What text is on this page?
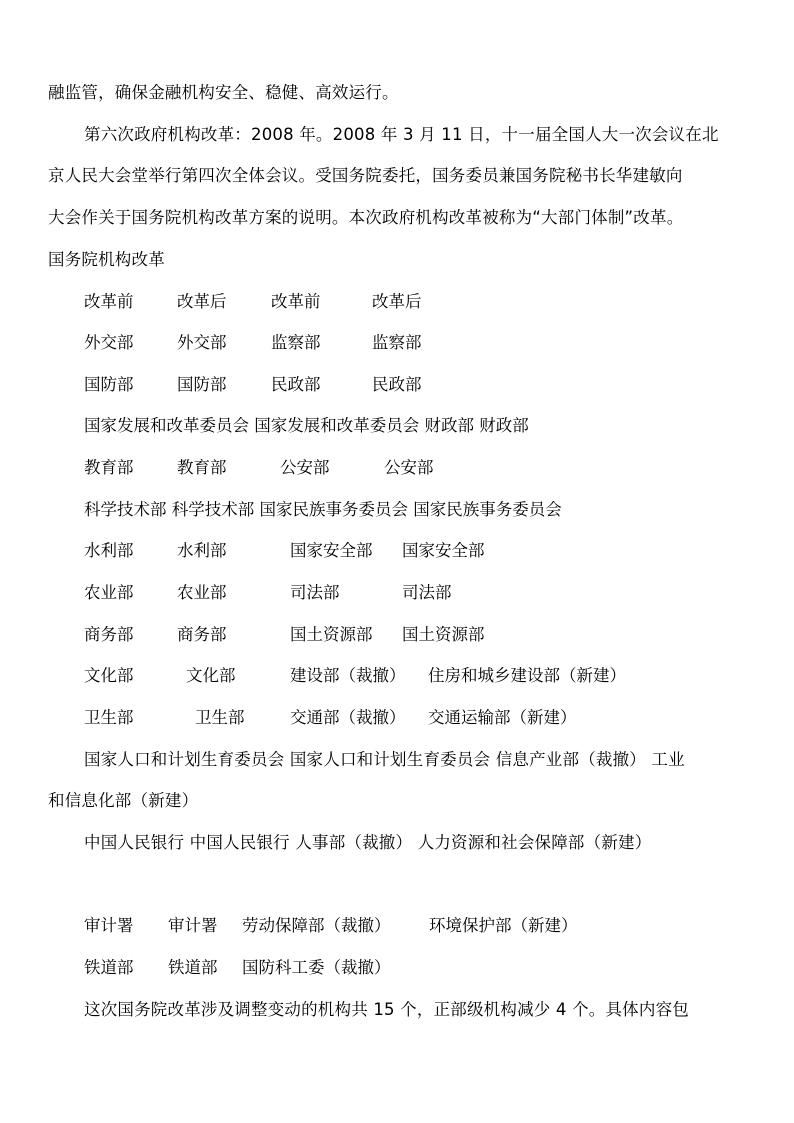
融监管，确保金融机构安全、稳健、高效运行。
第六次政府机构改革：2008 年。2008 年 3 月 11 日，十一届全国人大一次会议在北
京人民大会堂举行第四次全体会议。受国务院委托，国务委员兼国务院秘书长华建敏向
大会作关于国务院机构改革方案的说明。本次政府机构改革被称为“大部门体制”改革。
国务院机构改革
改革前	改革后	改革前	改革后
外交部	外交部	监察部	监察部
国防部	国防部	民政部	民政部
国家发展和改革委员会 国家发展和改革委员会 财政部 财政部
教育部	教育部	公安部	公安部
科学技术部 科学技术部 国家民族事务委员会 国家民族事务委员会
水利部	水利部	国家安全部 国家安全部
农业部	农业部	司法部	司法部
商务部	商务部	国土资源部 国土资源部
文化部	文化部	建设部（裁撤） 住房和城乡建设部（新建）
卫生部	卫生部	交通部（裁撤） 交通运输部（新建）
国家人口和计划生育委员会 国家人口和计划生育委员会 信息产业部（裁撤） 工业
和信息化部（新建）
中国人民银行 中国人民银行 人事部（裁撤） 人力资源和社会保障部（新建）
审计署 审计署 劳动保障部（裁撤） 环境保护部（新建）
铁道部 铁道部 国防科工委（裁撤）
这次国务院改革涉及调整变动的机构共 15 个，正部级机构减少 4 个。具体内容包
